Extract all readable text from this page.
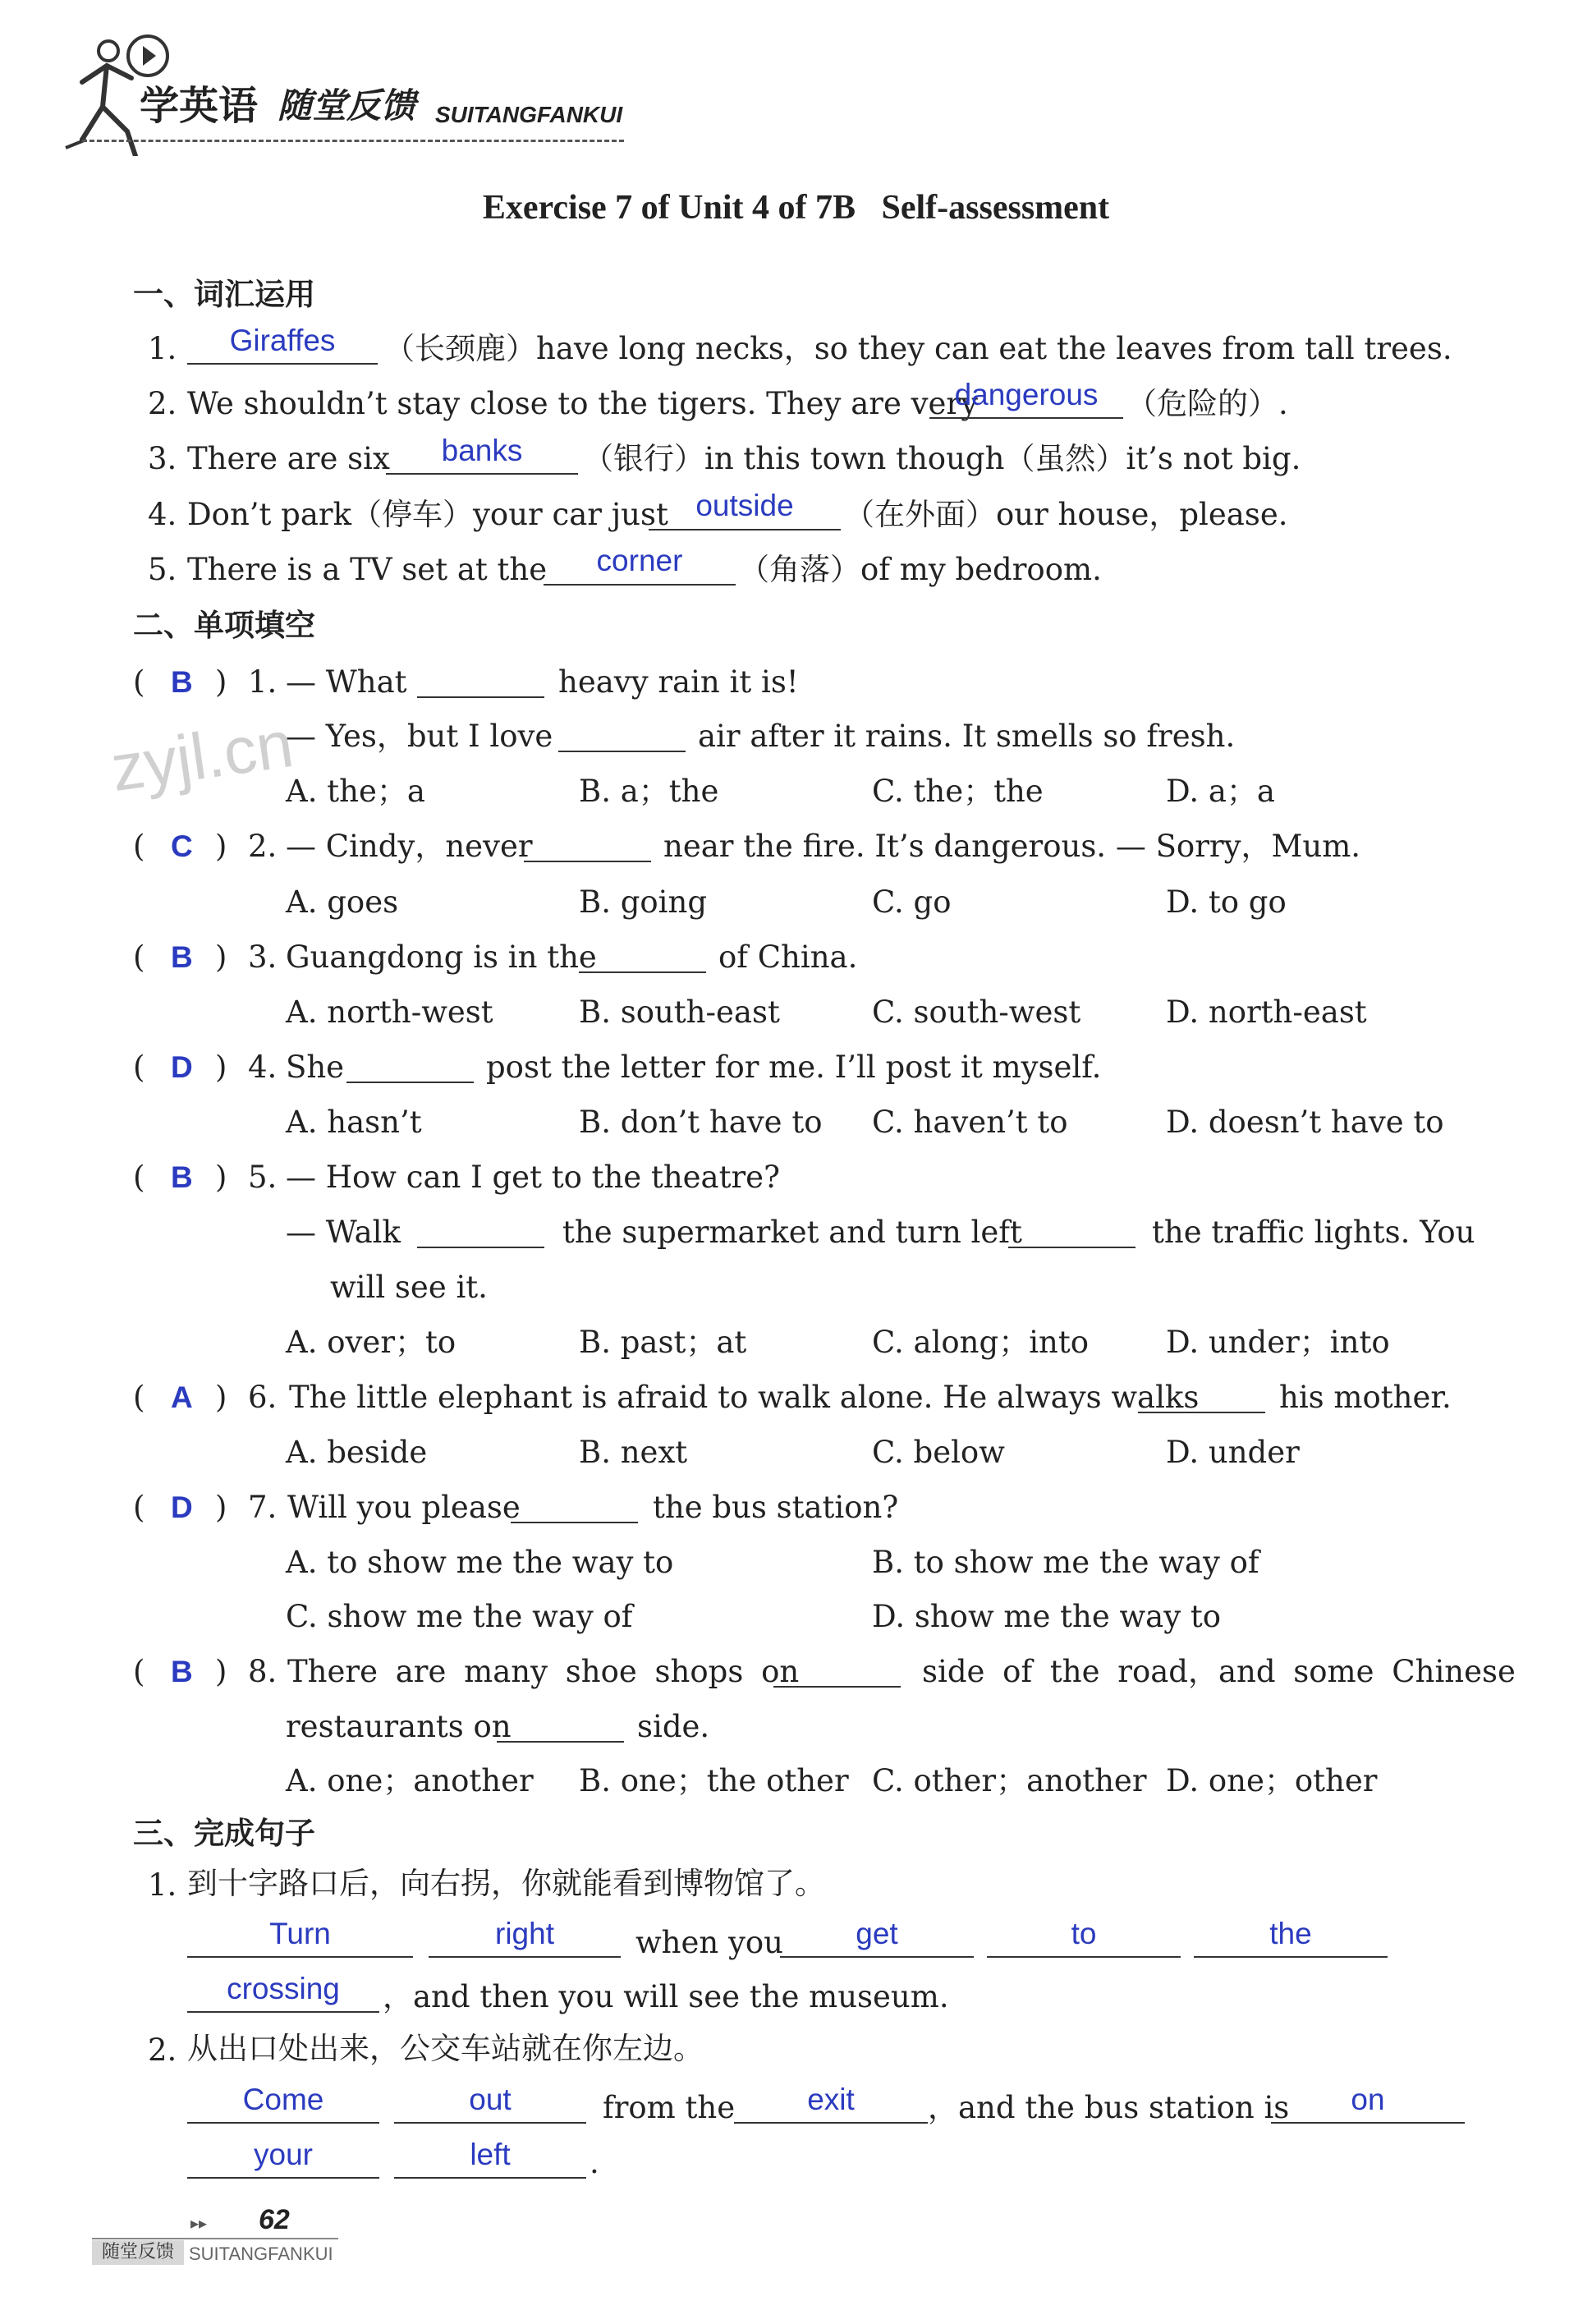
学英语 随堂反馈 SUITANGFANKUI
Exercise 7 of Unit 4 of 7B   Self-assessment
zyjl.cn
一、词汇运用
1.	Giraffes	（长颈鹿）have long necks，so they can eat the leaves from tall trees.
2. We shouldn’t stay close to the tigers. They are very
dangerous （危险的）.
3. There are six	banks	（银行）in this town though（虽然）it’s not big.
4. Don’t park（停车）your car just outside	（在外面）our house，please.
5. There is a TV set at the	corner	（角落）of my bedroom.
二、单项填空
( B ) 1. — What	heavy rain it is!
— Yes，but I love	air after it rains. It smells so fresh.
A. the；a	B. a；the	C. the；the	D. a；a
( C ) 2. — Cindy，never	near the fire. It’s dangerous. — Sorry，Mum.
A. goes	B. going	C. go	D. to go
( B ) 3. Guangdong is in the	of China.
A. north-west	B. south-east	C. south-west	D. north-east
( D ) 4. She	post the letter for me. I’ll post it myself.
A. hasn’t	B. don’t have to C. haven’t to	D. doesn’t have to
( B ) 5. — How can I get to the theatre?
— Walk	the supermarket and turn left	the traffic lights. You
will see it.
A. over；to	B. past；at	C. along；into	D. under；into
( A ) 6. The little elephant is afraid to walk alone. He always walks	his mother.
A. beside	B. next	C. below	D. under
( D ) 7. Will you please	the bus station?
A. to show me the way to	B. to show me the way of
C. show me the way of	D. show me the way to
( B ) 8. There are many shoe shops on	side of the road，and some Chinese
restaurants on	side.
A. one；another B. one；the other C. other；another D. one；other
三、完成句子
1. 到十字路口后，向右拐，你就能看到博物馆了。
Turn	right	when you	get	to	the
crossing	，and then you will see the museum.
2. 从出口处出来，公交车站就在你左边。
Come	out	from the	exit	，and the bus station is	on
your	left	.
▸▸ 62
随堂反馈 SUITANGFANKUI
